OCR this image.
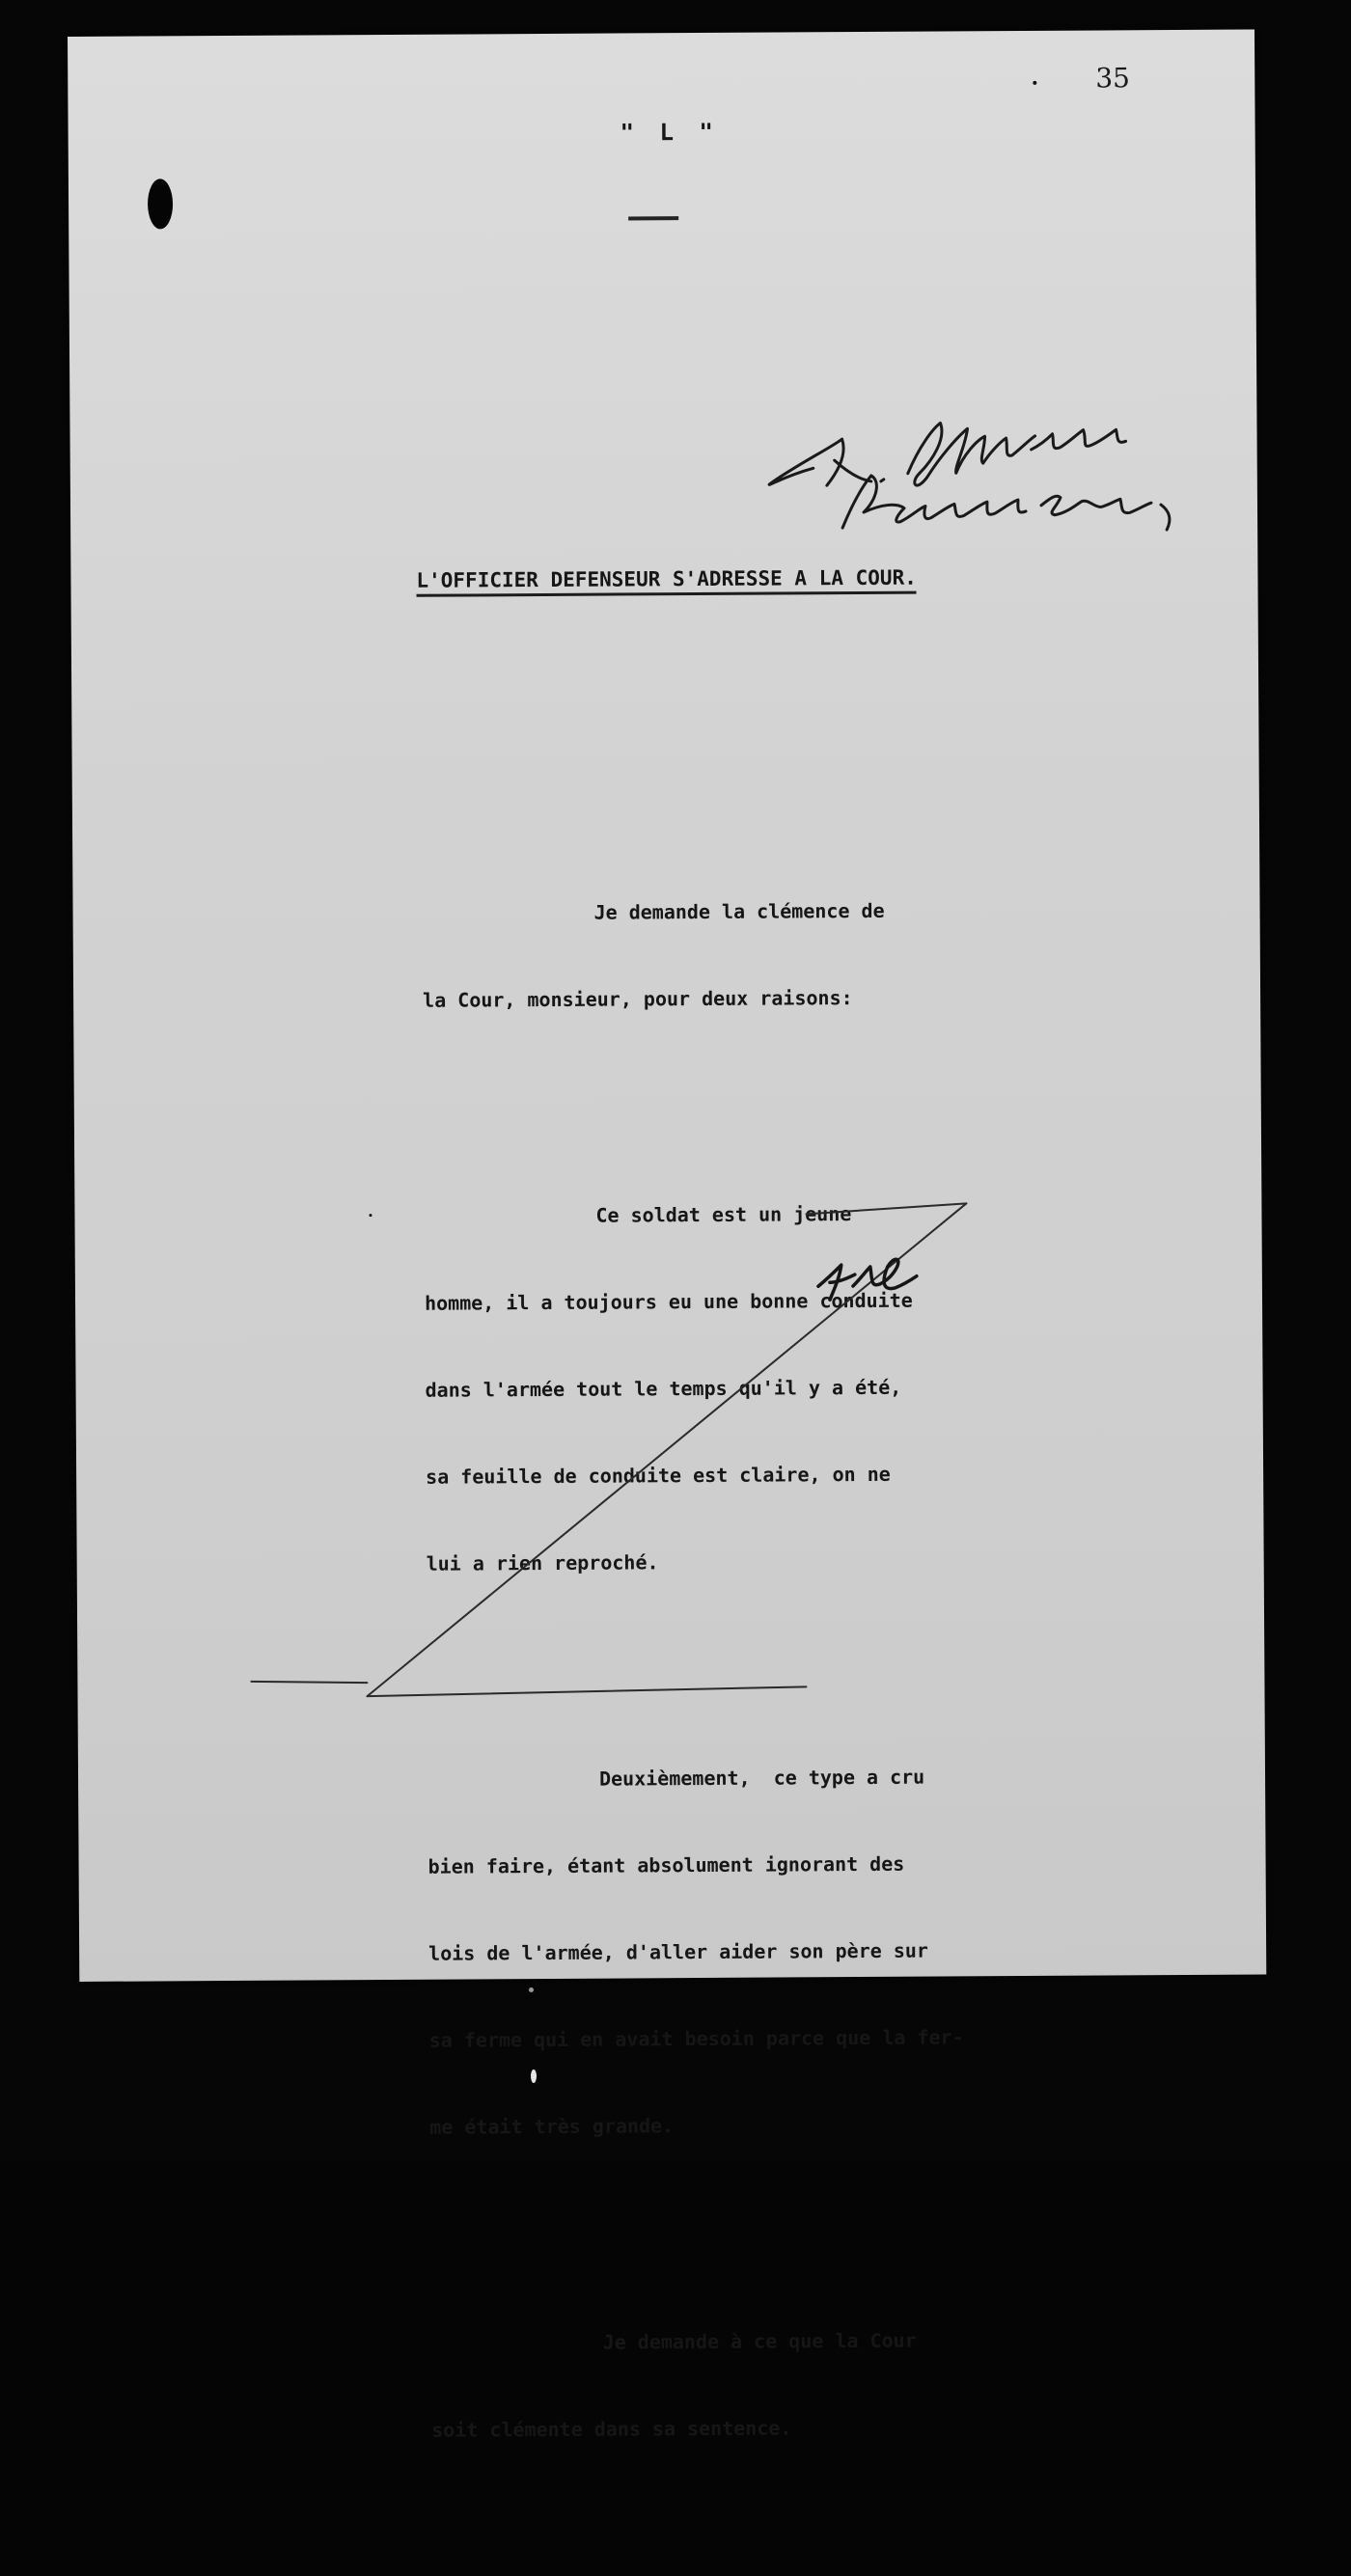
35
" L "
L'OFFICIER DEFENSEUR S'ADRESSE A LA COUR.

Je demande la clémence de

la Cour, monsieur, pour deux raisons:

Ce soldat est un jeune

homme, il a toujours eu une bonne conduite

dans l'armée tout le temps qu'il y a été,

sa feuille de conduite est claire, on ne

lui a rien reproché.

Deuxièmement,  ce type a cru

bien faire, étant absolument ignorant des

lois de l'armée, d'aller aider son père sur

sa ferme qui en avait besoin parce que la fer-

me était très grande.

Je demande à ce que la Cour

soit clémente dans sa sentence.
